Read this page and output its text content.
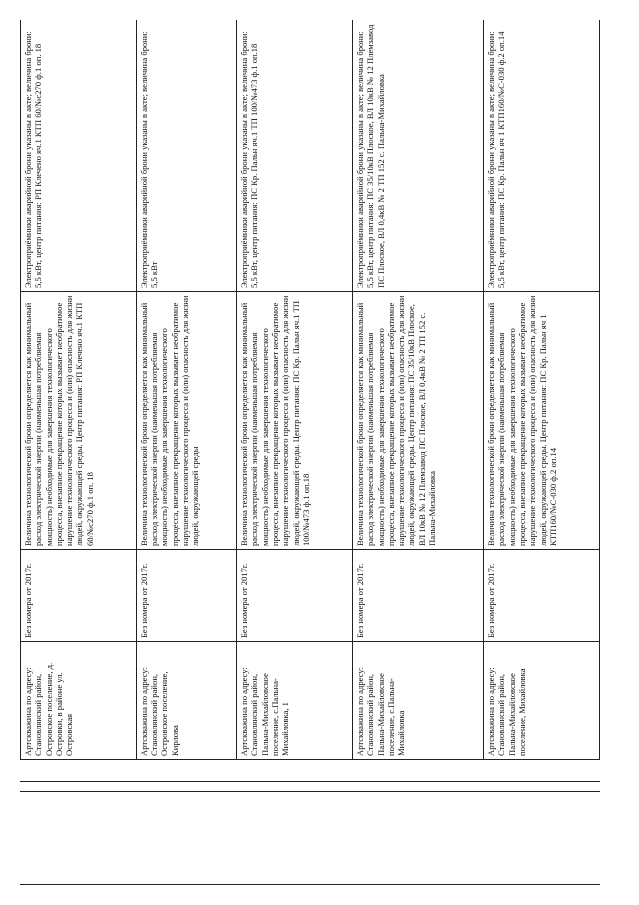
Артскважина по адресу: Становлянский район, Островское поселение, д. Островки, в районе ул. Островская	Без номера от 2017г.	Величина технологической брони определяется как минимальный расход электрической энергии (наименьшая потребляемая мощность) необходимые для завершения технологического процесса, внезапное прекращение которых вызывает необратимое нарушение технологического процесса и (или) опасность для жизни людей, окружающей среды. Центр питания: РП Клечено яч.1 КТП 60/№с270 ф.1 оп. 18	Электроприёмники аварийной брони указаны в акте; величина брони: 5,5 кВт, центр питания: РП Клечено яч.1 КТП 60/№с270 ф.1 оп. 18
Артскважина по адресу: Становлянский район, Островское поселение, Кирлова	Без номера от 2017г.	Величина технологической брони определяется как минимальный расход электрической энергии (наименьшая потребляемая мощность) необходимые для завершения технологического процесса, внезапное прекращение которых вызывает необратимое нарушение технологического процесса и (или) опасность для жизни людей, окружающей среды	Электроприёмники аварийной брони указаны в акте; величина брони: 5,5 кВт
Артскважина по адресу: Становлянский район, Пальна-Михайловское поселение, с.Пальна-Михайловка, 1	Без номера от 2017г.	Величина технологической брони определяется как минимальный расход электрической энергии (наименьшая потребляемая мощность) необходимые для завершения технологического процесса, внезапное прекращение которых вызывает необратимое нарушение технологического процесса и (или) опасность для жизни людей, окружающей среды. Центр питания: ПС Кр. Пальн яч.1 ТП 100/№473 ф.1 оп.18	Электроприёмники аварийной брони указаны в акте; величина брони: 5,5 кВт, центр питания: ПС Кр. Пальн яч.1 ТП 100/№473 ф.1 оп.18
Артскважина по адресу: Становлянский район, Пальна-Михайловское поселение, с.Пальна-Михайловка	Без номера от 2017г.	Величина технологической брони определяется как минимальный расход электрической энергии (наименьшая потребляемая мощность) необходимые для завершения технологического процесса, внезапное прекращение которых вызывает необратимое нарушение технологического процесса и (или) опасность для жизни людей, окружающей среды. Центр питания: ПС 35/10кВ Плоское, ВЛ 10кВ № 12 Племзавод ПС Плоское, ВЛ 0,4кВ № 2 ТП 152 с. Пальна-Михайловка	Электроприёмники аварийной брони указаны в акте; величина брони: 5,5 кВт, центр питания: ПС 35/10кВ Плоское, ВЛ 10кВ № 12 Племзавод ПС Плоское, ВЛ 0,4кВ № 2 ТП 152 с. Пальна-Михайловка
Артскважина по адресу: Становлянский район, Пальна-Михайловское поселение, Михайловка	Без номера от 2017г.	Величина технологической брони определяется как минимальный расход электрической энергии (наименьшая потребляемая мощность) необходимые для завершения технологического процесса, внезапное прекращение которых вызывает необратимое нарушение технологического процесса и (или) опасность для жизни людей, окружающей среды. Центр питания: ПС Кр. Пальн яч 1 КТП160/№С-030 ф.2 оп.14	Электроприёмники аварийной брони указаны в акте; величина брони: 5,5 кВт, центр питания: ПС Кр. Пальн яч 1 КТП160/№С-030 ф.2 оп.14
